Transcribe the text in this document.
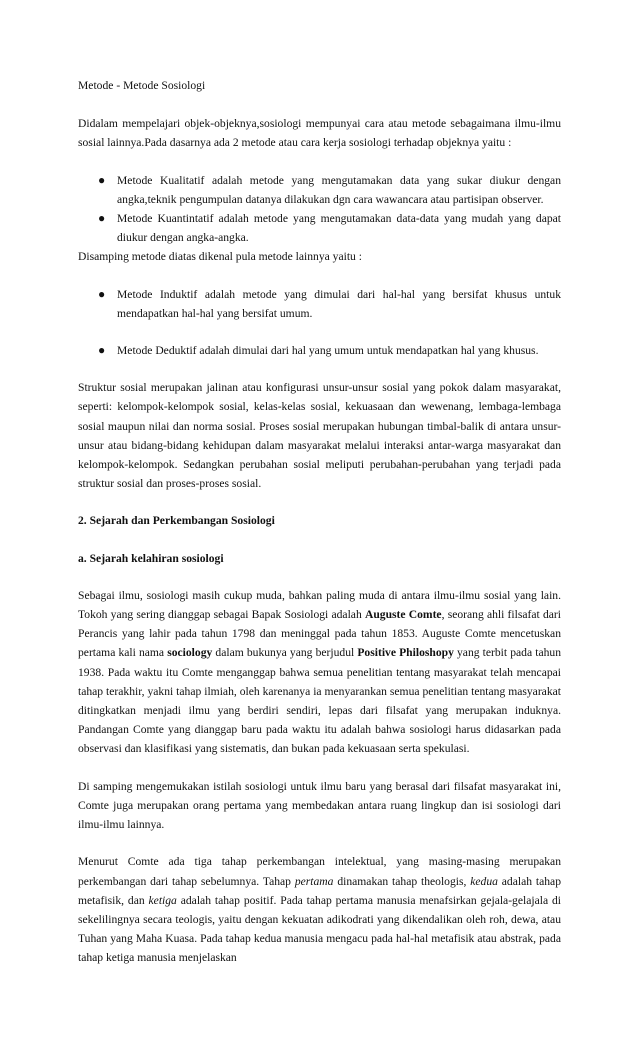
Metode - Metode Sosiologi

Didalam mempelajari objek-objeknya,sosiologi mempunyai cara atau metode sebagaimana ilmu-ilmu sosial lainnya.Pada dasarnya ada 2 metode atau cara kerja sosiologi terhadap objeknya yaitu :

● Metode Kualitatif adalah metode yang mengutamakan data yang sukar diukur dengan angka,teknik pengumpulan datanya dilakukan dgn cara wawancara atau partisipan observer.
● Metode Kuantintatif adalah metode yang mengutamakan data-data yang mudah yang dapat diukur dengan angka-angka.

Disamping metode diatas dikenal pula metode lainnya yaitu :

● Metode Induktif adalah metode yang dimulai dari hal-hal yang bersifat khusus untuk mendapatkan hal-hal yang bersifat umum.
● Metode Deduktif adalah dimulai dari hal yang umum untuk mendapatkan hal yang khusus.

Struktur sosial merupakan jalinan atau konfigurasi unsur-unsur sosial yang pokok dalam masyarakat, seperti: kelompok-kelompok sosial, kelas-kelas sosial, kekuasaan dan wewenang, lembaga-lembaga sosial maupun nilai dan norma sosial. Proses sosial merupakan hubungan timbal-balik di antara unsur-unsur atau bidang-bidang kehidupan dalam masyarakat melalui interaksi antar-warga masyarakat dan kelompok-kelompok. Sedangkan perubahan sosial meliputi perubahan-perubahan yang terjadi pada struktur sosial dan proses-proses sosial.

2. Sejarah dan Perkembangan Sosiologi

a. Sejarah kelahiran sosiologi

Sebagai ilmu, sosiologi masih cukup muda, bahkan paling muda di antara ilmu-ilmu sosial yang lain. Tokoh yang sering dianggap sebagai Bapak Sosiologi adalah Auguste Comte, seorang ahli filsafat dari Perancis yang lahir pada tahun 1798 dan meninggal pada tahun 1853. Auguste Comte mencetuskan pertama kali nama sociology dalam bukunya yang berjudul Positive Philoshopy yang terbit pada tahun 1938. Pada waktu itu Comte menganggap bahwa semua penelitian tentang masyarakat telah mencapai tahap terakhir, yakni tahap ilmiah, oleh karenanya ia menyarankan semua penelitian tentang masyarakat ditingkatkan menjadi ilmu yang berdiri sendiri, lepas dari filsafat yang merupakan induknya. Pandangan Comte yang dianggap baru pada waktu itu adalah bahwa sosiologi harus didasarkan pada observasi dan klasifikasi yang sistematis, dan bukan pada kekuasaan serta spekulasi.

Di samping mengemukakan istilah sosiologi untuk ilmu baru yang berasal dari filsafat masyarakat ini, Comte juga merupakan orang pertama yang membedakan antara ruang lingkup dan isi sosiologi dari ilmu-ilmu lainnya.

Menurut Comte ada tiga tahap perkembangan intelektual, yang masing-masing merupakan perkembangan dari tahap sebelumnya. Tahap pertama dinamakan tahap theologis, kedua adalah tahap metafisik, dan ketiga adalah tahap positif. Pada tahap pertama manusia menafsirkan gejala-gelajala di sekelilingnya secara teologis, yaitu dengan kekuatan adikodrati yang dikendalikan oleh roh, dewa, atau Tuhan yang Maha Kuasa. Pada tahap kedua manusia mengacu pada hal-hal metafisik atau abstrak, pada tahap ketiga manusia menjelaskan
